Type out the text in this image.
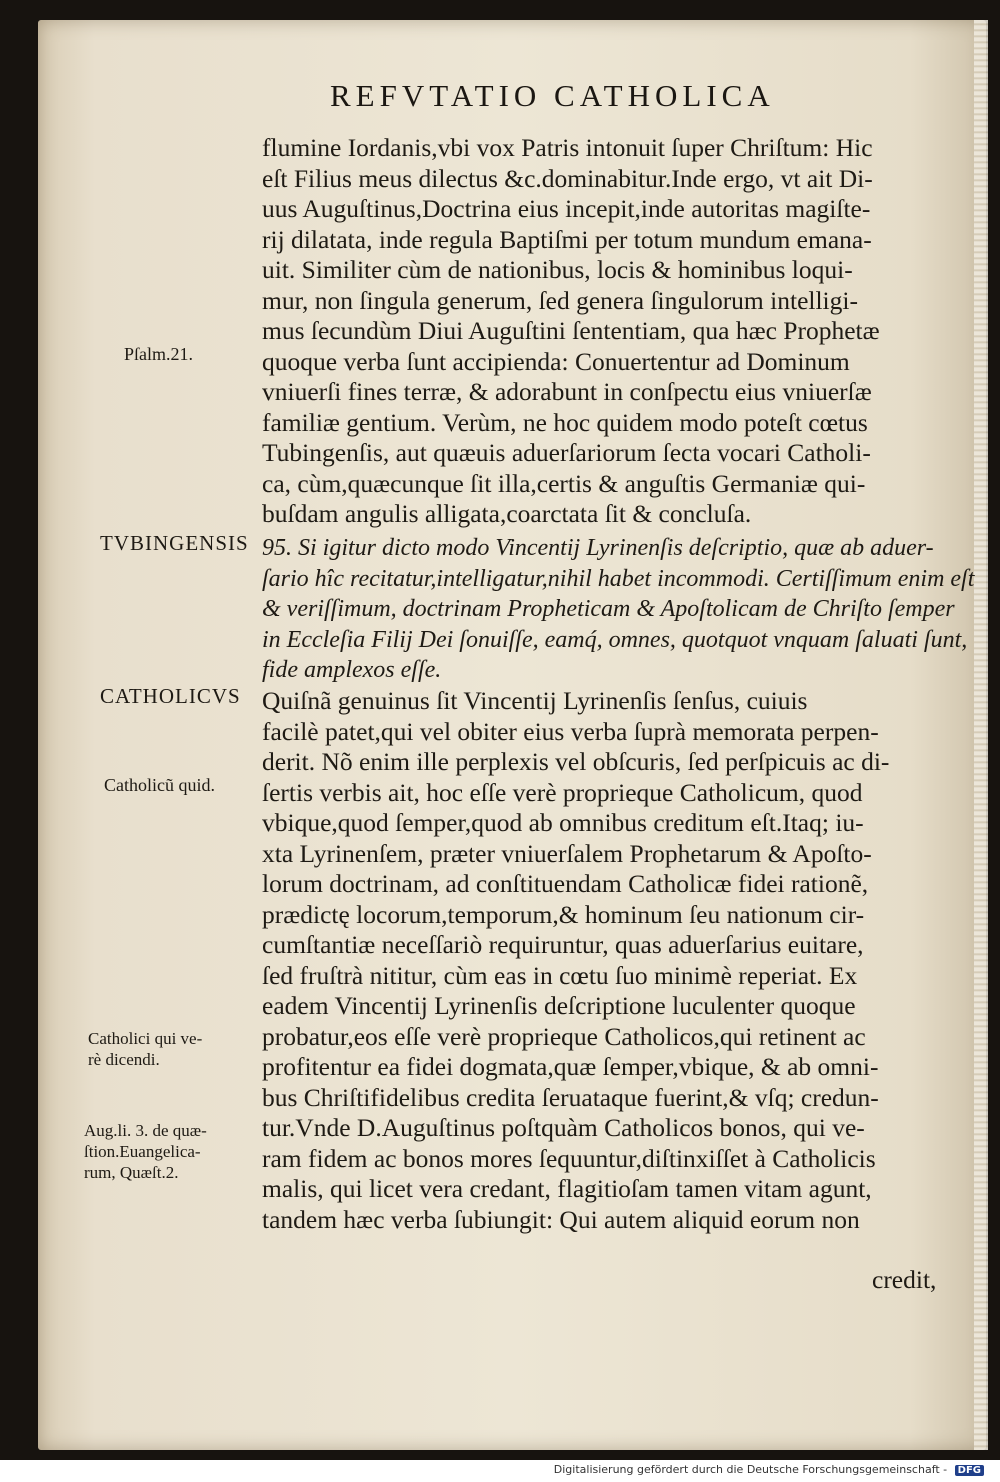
REFVTATIO CATHOLICA
flumine Iordanis,vbi vox Patris intonuit ſuper Chriſtum: Hic
eſt Filius meus dilectus &c.dominabitur.Inde ergo, vt ait Di-
uus Auguſtinus,Doctrina eius incepit,inde autoritas magiſte-
rij dilatata, inde regula Baptiſmi per totum mundum emana-
uit. Similiter cùm de nationibus, locis & hominibus loqui-
mur, non ſingula generum, ſed genera ſingulorum intelligi-
mus ſecundùm Diui Auguſtini ſententiam, qua hæc Prophetæ
quoque verba ſunt accipienda: Conuertentur ad Dominum
vniuerſi fines terræ, & adorabunt in conſpectu eius vniuerſæ
familiæ gentium. Verùm, ne hoc quidem modo poteſt cœtus
Tubingenſis, aut quæuis aduerſariorum ſecta vocari Catholi-
ca, cùm,quæcunque ſit illa,certis & anguſtis Germaniæ qui-
buſdam angulis alligata,coarctata ſit & concluſa.
95. Si igitur dicto modo Vincentij Lyrinenſis deſcriptio, quæ ab aduer-
ſario hîc recitatur,intelligatur,nihil habet incommodi. Certiſſimum enim eſt
& veriſſimum, doctrinam Propheticam & Apoſtolicam de Chriſto ſemper
in Eccleſia Filij Dei ſonuiſſe, eamq́, omnes, quotquot vnquam ſaluati ſunt,
fide amplexos eſſe.
Quiſnã genuinus ſit Vincentij Lyrinenſis ſenſus, cuiuis
facilè patet,qui vel obiter eius verba ſuprà memorata perpen-
derit. Nõ enim ille perplexis vel obſcuris, ſed perſpicuis ac di-
ſertis verbis ait, hoc eſſe verè proprieque Catholicum, quod
vbique,quod ſemper,quod ab omnibus creditum eſt.Itaq; iu-
xta Lyrinenſem, præter vniuerſalem Prophetarum & Apoſto-
lorum doctrinam, ad conſtituendam Catholicæ fidei rationẽ,
prædictę locorum,temporum,& hominum ſeu nationum cir-
cumſtantiæ neceſſariò requiruntur, quas aduerſarius euitare,
ſed fruſtrà nititur, cùm eas in cœtu ſuo minimè reperiat. Ex
eadem Vincentij Lyrinenſis deſcriptione luculenter quoque
probatur,eos eſſe verè proprieque Catholicos,qui retinent ac
profitentur ea fidei dogmata,quæ ſemper,vbique, & ab omni-
bus Chriſtifidelibus credita ſeruataque fuerint,& vſq; credun-
tur.Vnde D.Auguſtinus poſtquàm Catholicos bonos, qui ve-
ram fidem ac bonos mores ſequuntur,diſtinxiſſet à Catholicis
malis, qui licet vera credant, flagitioſam tamen vitam agunt,
tandem hæc verba ſubiungit: Qui autem aliquid eorum non
credit,
Pſalm.21.
TVBINGENSIS
CATHOLICVS
Catholicũ quid.
Catholici qui ve-
rè dicendi.
Aug.li. 3. de quæ-
ſtion.Euangelica-
rum, Quæſt.2.
Digitalisierung gefördert durch die Deutsche Forschungsgemeinschaft - DFG
